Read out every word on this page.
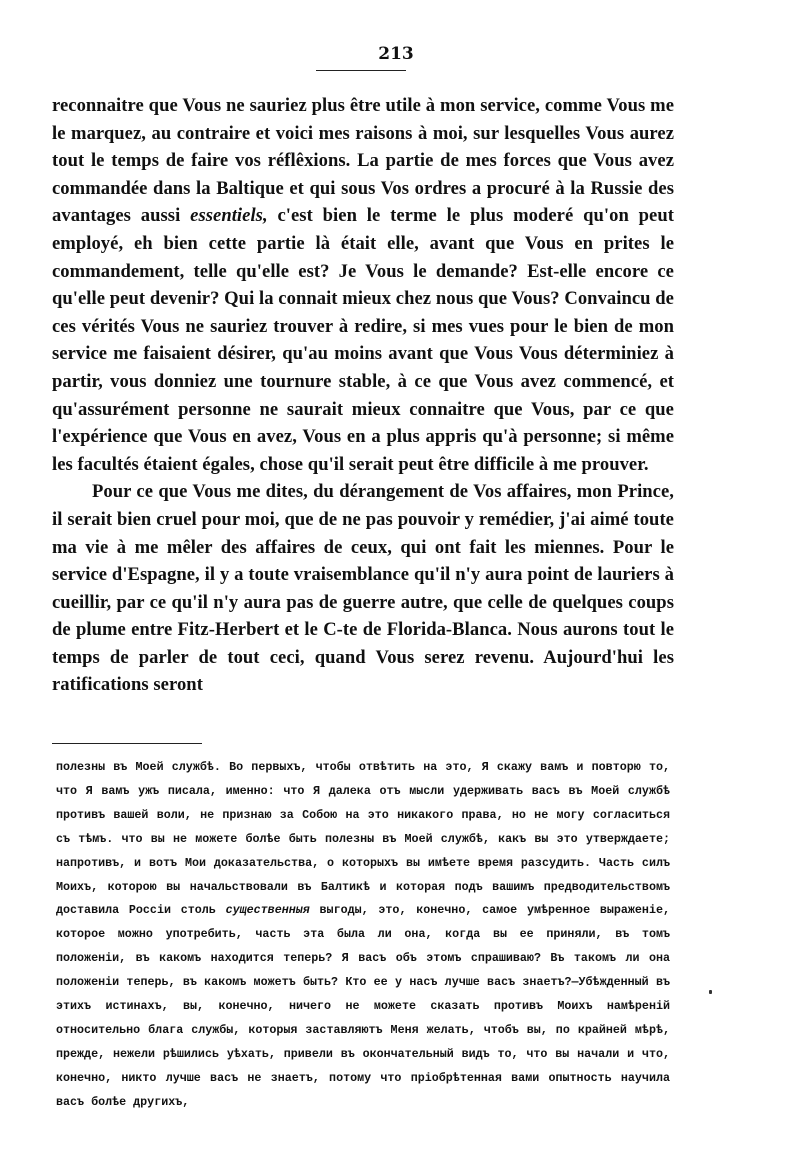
213

reconnaitre que Vous ne sauriez plus être utile à mon service, comme Vous me le marquez, au contraire et voici mes raisons à moi, sur lesquelles Vous aurez tout le temps de faire vos réflêxions. La partie de mes forces que Vous avez commandée dans la Baltique et qui sous Vos ordres a procuré à la Russie des avantages aussi essentiels, c'est bien le terme le plus moderé qu'on peut employé, eh bien cette partie là était elle, avant que Vous en prites le commandement, telle qu'elle est? Je Vous le demande? Est-elle encore ce qu'elle peut devenir? Qui la connait mieux chez nous que Vous? Convaincu de ces vérités Vous ne sauriez trouver à redire, si mes vues pour le bien de mon service me faisaient désirer, qu'au moins avant que Vous Vous déterminiez à partir, vous donniez une tournure stable, à ce que Vous avez commencé, et qu'assurément personne ne saurait mieux connaitre que Vous, par ce que l'expérience que Vous en avez, Vous en a plus appris qu'à personne; si même les facultés étaient égales, chose qu'il serait peut être difficile à me prouver.

Pour ce que Vous me dites, du dérangement de Vos affaires, mon Prince, il serait bien cruel pour moi, que de ne pas pouvoir y remédier, j'ai aimé toute ma vie à me mêler des affaires de ceux, qui ont fait les miennes. Pour le service d'Espagne, il y a toute vraisemblance qu'il n'y aura point de lauriers à cueillir, par ce qu'il n'y aura pas de guerre autre, que celle de quelques coups de plume entre Fitz-Herbert et le C-te de Florida-Blanca. Nous aurons tout le temps de parler de tout ceci, quand Vous serez revenu. Aujourd'hui les ratifications seront

полезны въ Моей службѣ. Во первыхъ, чтобы отвѣтить на это, Я скажу вамъ и повторю то, что Я вамъ ужъ писала, именно: что Я далека отъ мысли удерживать васъ въ Моей службѣ противъ вашей воли, не признаю за Собою на это никакого права, но не могу согласиться съ тѣмъ. что вы не можете болѣе быть полезны въ Моей службѣ, какъ вы это утверждаете; напротивъ, и вотъ Мои доказательства, о которыхъ вы имѣете время разсудить. Часть силъ Моихъ, которою вы начальствовали въ Балтикѣ и которая подъ вашимъ предводительствомъ доставила Россіи столь существенныя выгоды, это, конечно, самое умѣренное выраженіе, которое можно употребить, часть эта была ли она, когда вы ее приняли, въ томъ положеніи, въ какомъ находится теперь? Я васъ объ этомъ спрашиваю? Въ такомъ ли она положеніи теперь, въ какомъ можетъ быть? Кто ее у насъ лучше васъ знаетъ?—Убѣжденный въ этихъ истинахъ, вы, конечно, ничего не можете сказать противъ Моихъ намѣреній относительно блага службы, которыя заставляютъ Меня желать, чтобъ вы, по крайней мѣрѣ, прежде, нежели рѣшились уѣхать, привели въ окончательный видъ то, что вы начали и что, конечно, никто лучше васъ не знаетъ, потому что пріобрѣтенная вами опытность научила васъ болѣе другихъ,
